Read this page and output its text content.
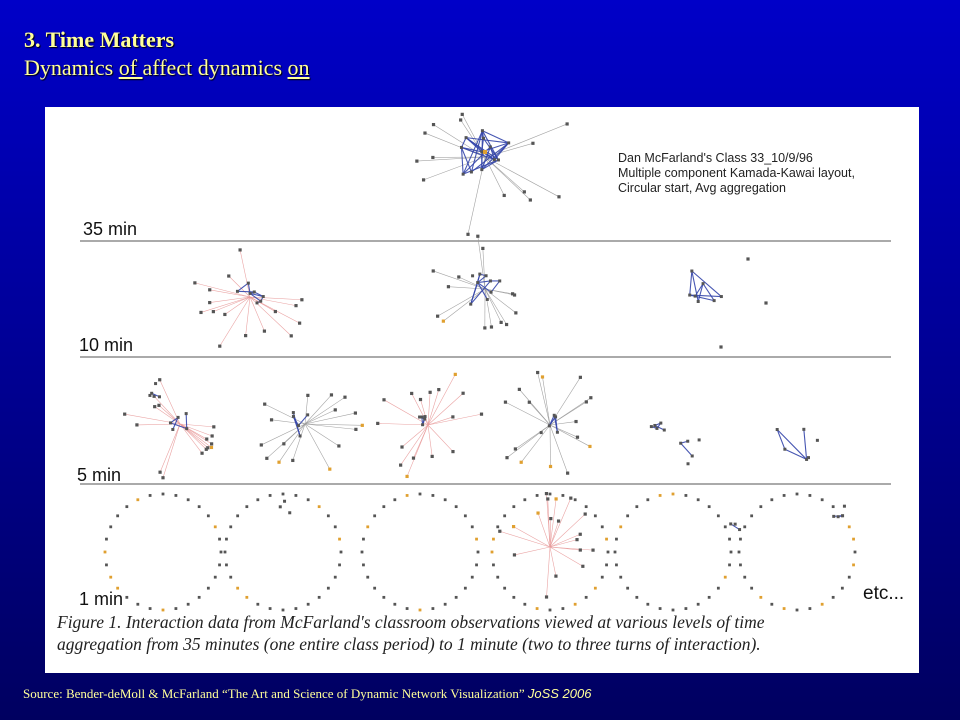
3. Time Matters
Dynamics of affect dynamics on
Dan McFarland's Class 33_10/9/96
Multiple component Kamada-Kawai layout,
Circular start, Avg aggregation
35 min
10 min
5 min
1 min	etc...
Figure 1. Interaction data from McFarland's classroom observations viewed at various levels of time
aggregation from 35 minutes (one entire class period) to 1 minute (two to three turns of interaction).
Source: Bender-deMoll & McFarland “The Art and Science of Dynamic Network Visualization” JoSS 2006
